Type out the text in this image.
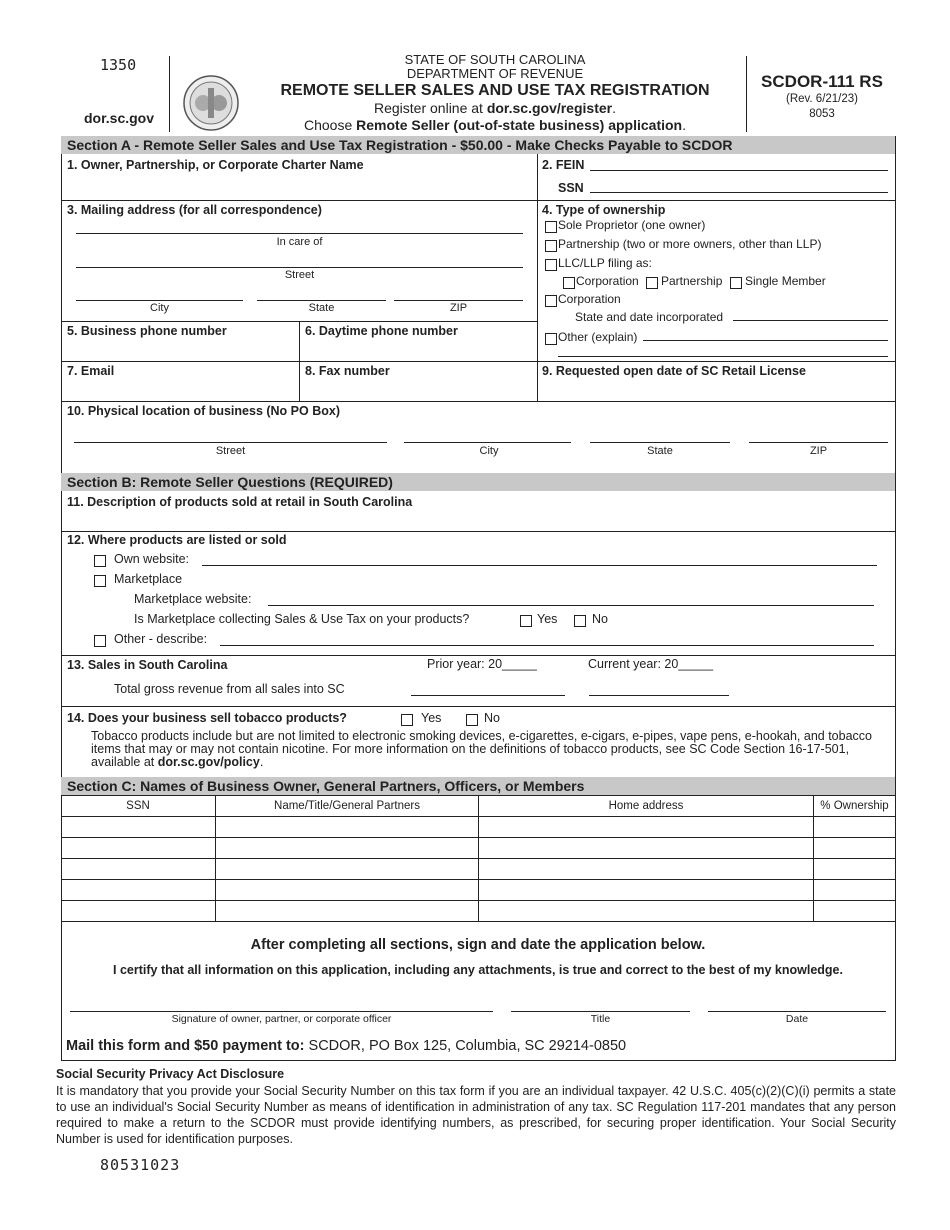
1350
dor.sc.gov
STATE OF SOUTH CAROLINA
DEPARTMENT OF REVENUE
REMOTE SELLER SALES AND USE TAX REGISTRATION
Register online at dor.sc.gov/register.
Choose Remote Seller (out-of-state business) application.
SCDOR-111 RS
(Rev. 6/21/23)
8053
Section A - Remote Seller Sales and Use Tax Registration - $50.00 - Make Checks Payable to SCDOR
1. Owner, Partnership, or Corporate Charter Name	2. FEIN
SSN
3. Mailing address (for all correspondence)
In care of
Street
City	State	ZIP
4. Type of ownership
Sole Proprietor (one owner)
Partnership (two or more owners, other than LLP)
LLC/LLP filing as:
Corporation Partnership Single Member
Corporation
State and date incorporated
Other (explain)
5. Business phone number	6. Daytime phone number
7. Email	8. Fax number	9. Requested open date of SC Retail License
10. Physical location of business (No PO Box)
Street	City	State	ZIP
Section B: Remote Seller Questions (REQUIRED)
11. Description of products sold at retail in South Carolina
12. Where products are listed or sold
Own website:
Marketplace
Marketplace website:
Is Marketplace collecting Sales & Use Tax on your products?	Yes	No
Other - describe:
13. Sales in South Carolina	Prior year: 20_____	Current year: 20_____
Total gross revenue from all sales into SC
14. Does your business sell tobacco products?	Yes	No
Tobacco products include but are not limited to electronic smoking devices, e-cigarettes, e-cigars, e-pipes, vape pens, e-hookah, and tobacco items that may or may not contain nicotine. For more information on the definitions of tobacco products, see SC Code Section 16-17-501, available at dor.sc.gov/policy.
Section C: Names of Business Owner, General Partners, Officers, or Members
SSN	Name/Title/General Partners	Home address	% Ownership

After completing all sections, sign and date the application below.
I certify that all information on this application, including any attachments, is true and correct to the best of my knowledge.
Signature of owner, partner, or corporate officer	Title	Date
Mail this form and $50 payment to: SCDOR, PO Box 125, Columbia, SC 29214-0850
Social Security Privacy Act Disclosure
It is mandatory that you provide your Social Security Number on this tax form if you are an individual taxpayer. 42 U.S.C. 405(c)(2)(C)(i) permits a state to use an individual's Social Security Number as means of identification in administration of any tax. SC Regulation 117-201 mandates that any person required to make a return to the SCDOR must provide identifying numbers, as prescribed, for securing proper identification. Your Social Security Number is used for identification purposes.
80531023
